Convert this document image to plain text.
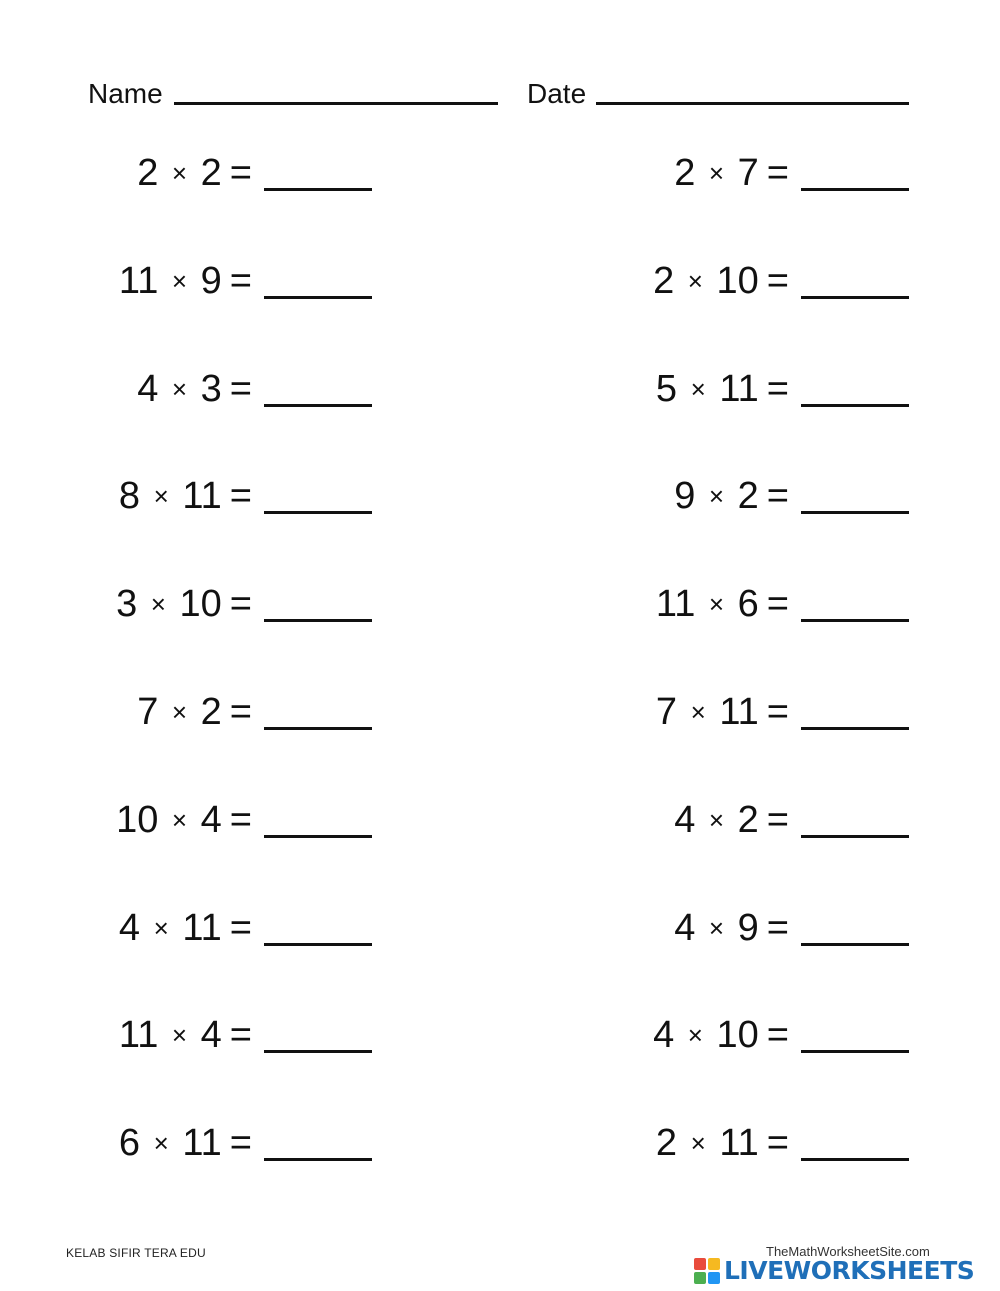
Name	Date
2 × 2 =
11 × 9 =
4 × 3 =
8 × 11 =
3 × 10 =
7 × 2 =
10 × 4 =
4 × 11 =
11 × 4 =
6 × 11 =
2 × 7 =
2 × 10 =
5 × 11 =
9 × 2 =
11 × 6 =
7 × 11 =
4 × 2 =
4 × 9 =
4 × 10 =
2 × 11 =
KELAB SIFIR TERA EDU	TheMathWorksheetSite.com
LIVEWORKSHEETS
